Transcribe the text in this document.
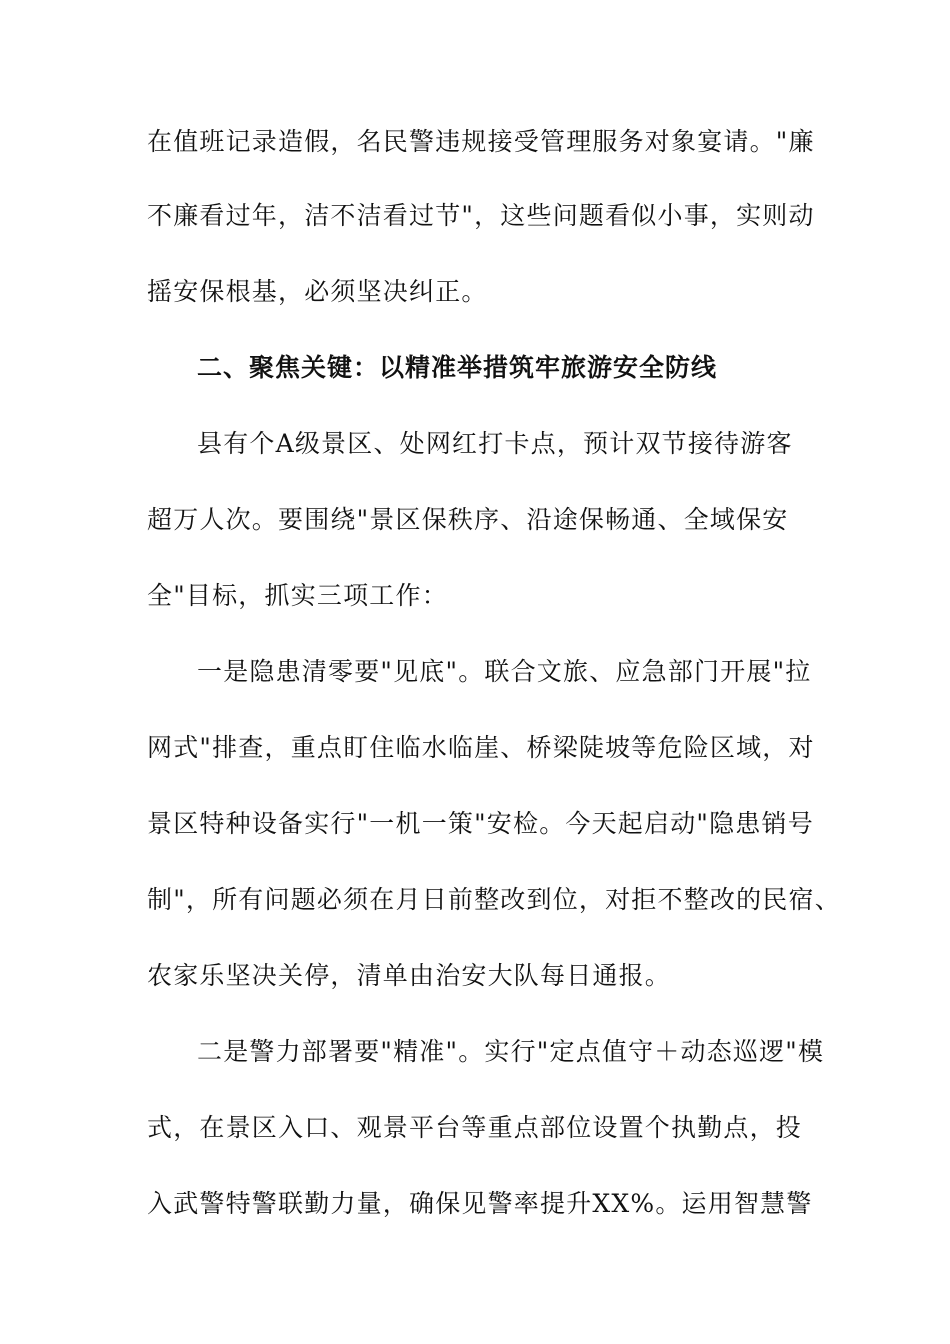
在值班记录造假，名民警违规接受管理服务对象宴请。"廉
不廉看过年，洁不洁看过节"，这些问题看似小事，实则动
摇安保根基，必须坚决纠正。
二、聚焦关键：以精准举措筑牢旅游安全防线
县有个A级景区、处网红打卡点，预计双节接待游客
超万人次。要围绕"景区保秩序、沿途保畅通、全域保安
全"目标，抓实三项工作：
一是隐患清零要"见底"。联合文旅、应急部门开展"拉
网式"排查，重点盯住临水临崖、桥梁陡坡等危险区域，对
景区特种设备实行"一机一策"安检。今天起启动"隐患销号
制"，所有问题必须在月日前整改到位，对拒不整改的民宿、
农家乐坚决关停，清单由治安大队每日通报。
二是警力部署要"精准"。实行"定点值守＋动态巡逻"模
式，在景区入口、观景平台等重点部位设置个执勤点，投
入武警特警联勤力量，确保见警率提升XX%。运用智慧警
